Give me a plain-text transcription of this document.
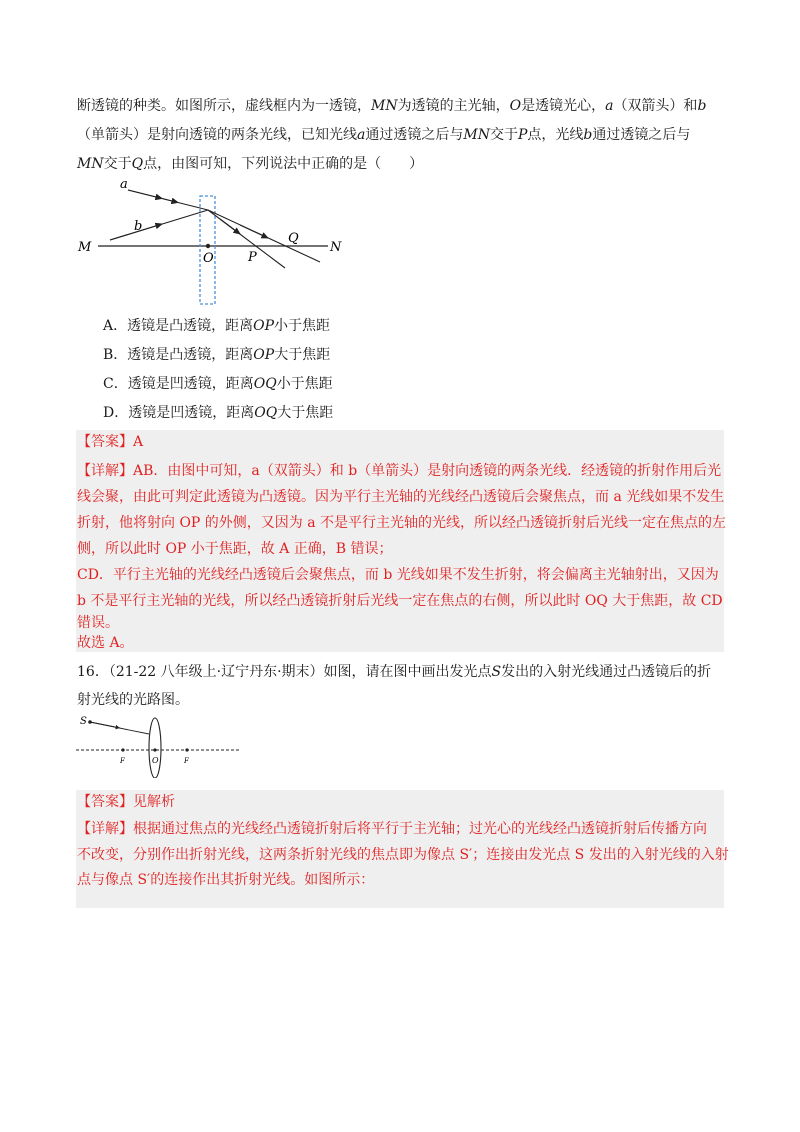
断透镜的种类。如图所示，虚线框内为一透镜，MN为透镜的主光轴，O是透镜光心，a（双箭头）和b
（单箭头）是射向透镜的两条光线，已知光线a通过透镜之后与MN交于P点，光线b通过透镜之后与
MN交于Q点，由图可知，下列说法中正确的是（　　）
a
b
M	N
O	P
Q
A．透镜是凸透镜，距离OP小于焦距
B．透镜是凸透镜，距离OP大于焦距
C．透镜是凹透镜，距离OQ小于焦距
D．透镜是凹透镜，距离OQ大于焦距
【答案】A
【详解】AB．由图中可知，a（双箭头）和 b（单箭头）是射向透镜的两条光线．经透镜的折射作用后光
线会聚，由此可判定此透镜为凸透镜。因为平行主光轴的光线经凸透镜后会聚焦点，而 a 光线如果不发生
折射，他将射向 OP 的外侧，又因为 a 不是平行主光轴的光线，所以经凸透镜折射后光线一定在焦点的左
侧，所以此时 OP 小于焦距，故 A 正确，B 错误；
CD．平行主光轴的光线经凸透镜后会聚焦点，而 b 光线如果不发生折射，将会偏离主光轴射出，又因为
b 不是平行主光轴的光线，所以经凸透镜折射后光线一定在焦点的右侧，所以此时 OQ 大于焦距，故 CD
错误。
故选 A。
16．（21-22 八年级上·辽宁丹东·期末）如图，请在图中画出发光点S发出的入射光线通过凸透镜后的折
射光线的光路图。
S
F	O	F
【答案】见解析
【详解】根据通过焦点的光线经凸透镜折射后将平行于主光轴；过光心的光线经凸透镜折射后传播方向
不改变，分别作出折射光线，这两条折射光线的焦点即为像点 S′；连接由发光点 S 发出的入射光线的入射
点与像点 S′的连接作出其折射光线。如图所示：
